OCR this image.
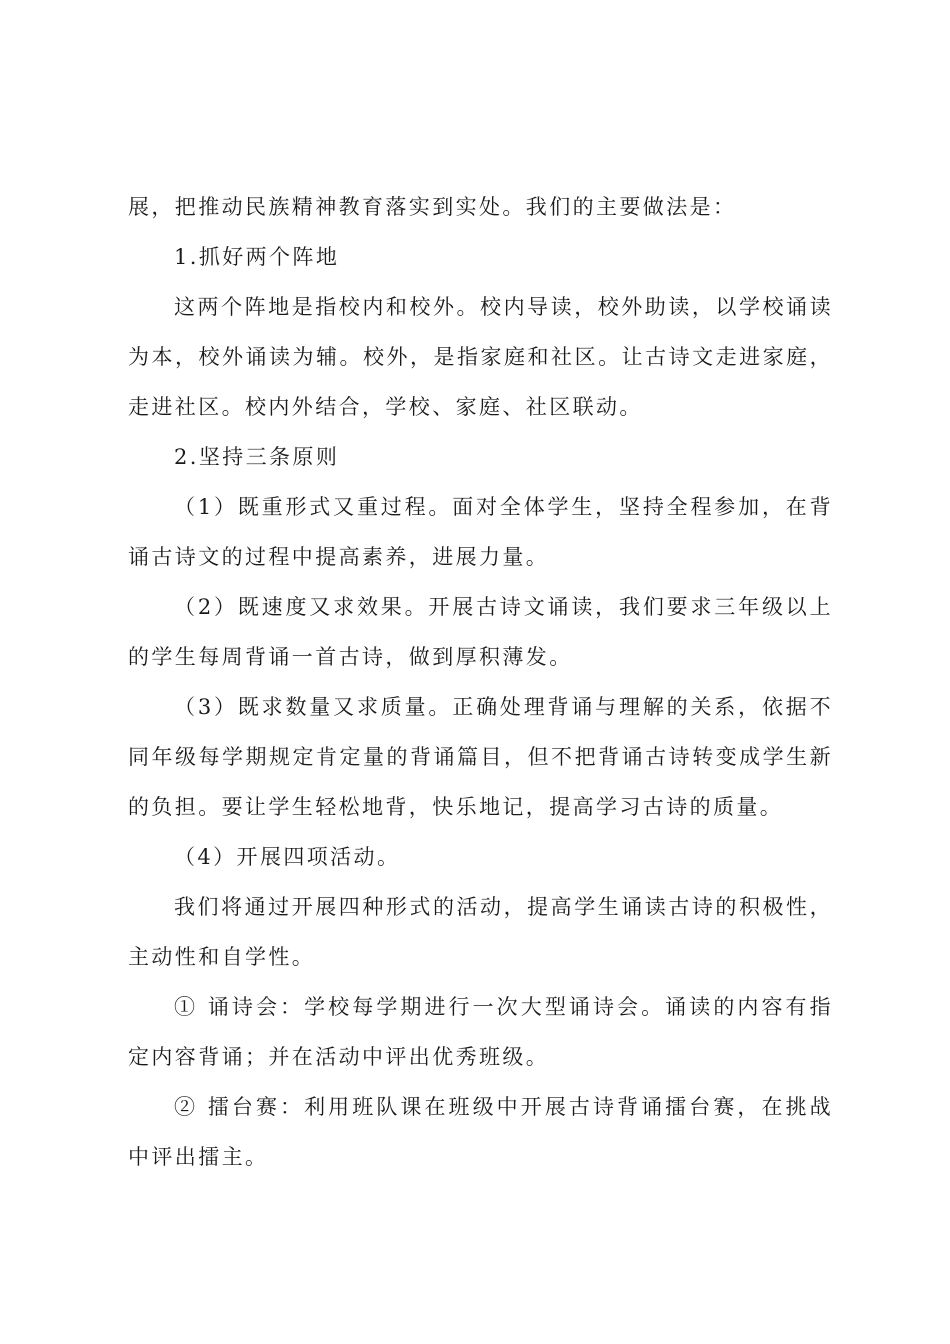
展，把推动民族精神教育落实到实处。我们的主要做法是：

1.抓好两个阵地

这两个阵地是指校内和校外。校内导读，校外助读，以学校诵读为本，校外诵读为辅。校外，是指家庭和社区。让古诗文走进家庭，走进社区。校内外结合，学校、家庭、社区联动。

2.坚持三条原则

（1）既重形式又重过程。面对全体学生，坚持全程参加，在背诵古诗文的过程中提高素养，进展力量。

（2）既速度又求效果。开展古诗文诵读，我们要求三年级以上的学生每周背诵一首古诗，做到厚积薄发。

（3）既求数量又求质量。正确处理背诵与理解的关系，依据不同年级每学期规定肯定量的背诵篇目，但不把背诵古诗转变成学生新的负担。要让学生轻松地背，快乐地记，提高学习古诗的质量。

（4）开展四项活动。

我们将通过开展四种形式的活动，提高学生诵读古诗的积极性，主动性和自学性。

① 诵诗会：学校每学期进行一次大型诵诗会。诵读的内容有指定内容背诵；并在活动中评出优秀班级。

② 擂台赛：利用班队课在班级中开展古诗背诵擂台赛，在挑战中评出擂主。
